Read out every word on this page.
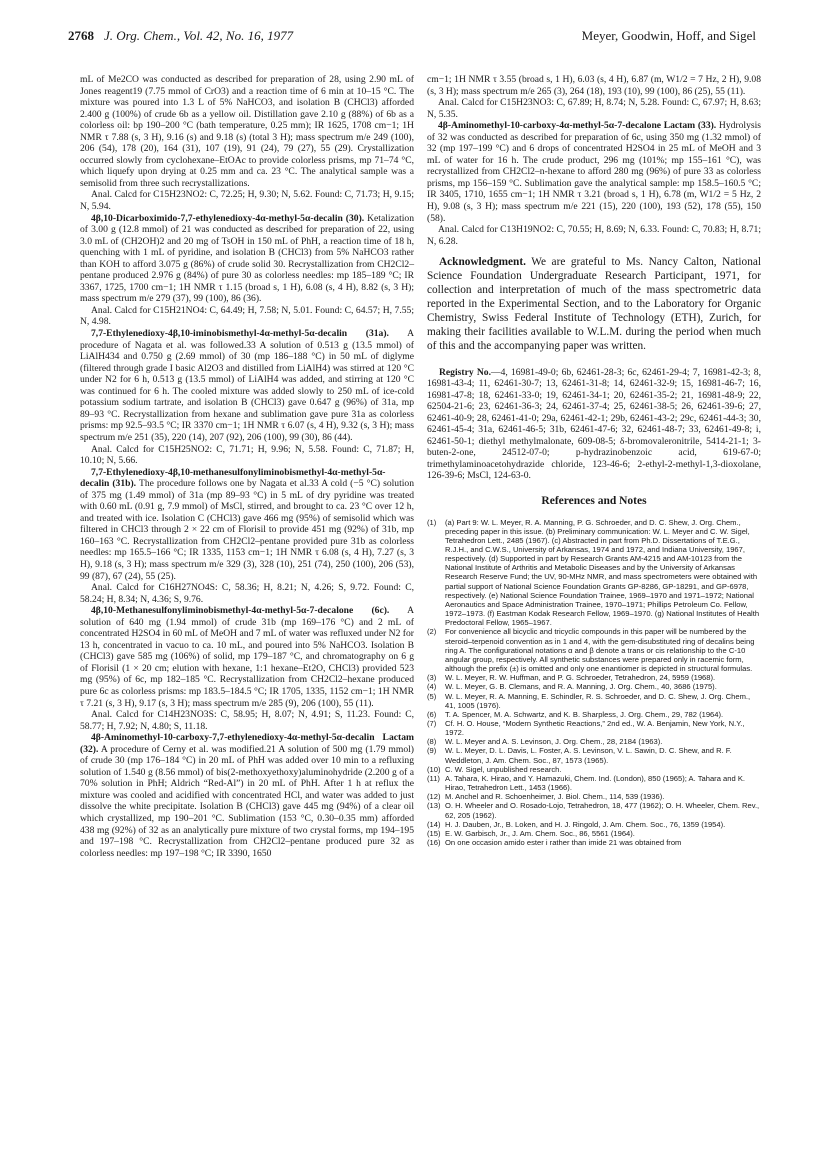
2768 J. Org. Chem., Vol. 42, No. 16, 1977	Meyer, Goodwin, Hoff, and Sigel

mL of Me2CO was conducted as described for preparation of 28, using 2.90 mL of Jones reagent19 (7.75 mmol of CrO3) and a reaction time of 6 min at 10–15 °C. The mixture was poured into 1.3 L of 5% NaHCO3, and isolation B (CHCl3) afforded 2.400 g (100%) of crude 6b as a yellow oil. Distillation gave 2.10 g (88%) of 6b as a colorless oil: bp 190–200 °C (bath temperature, 0.25 mm); IR 1625, 1708 cm−1; 1H NMR τ 7.88 (s, 3 H), 9.16 (s) and 9.18 (s) (total 3 H); mass spectrum m/e 249 (100), 206 (54), 178 (20), 164 (31), 107 (19), 91 (24), 79 (27), 55 (29). Crystallization occurred slowly from cyclohexane–EtOAc to provide colorless prisms, mp 71–74 °C, which liquefy upon drying at 0.25 mm and ca. 23 °C. The analytical sample was a semisolid from three such recrystallizations.

Anal. Calcd for C15H23NO2: C, 72.25; H, 9.30; N, 5.62. Found: C, 71.73; H, 9.15; N, 5.94.

4β,10-Dicarboximido-7,7-ethylenedioxy-4α-methyl-5α-decalin (30). Ketalization of 3.00 g (12.8 mmol) of 21 was conducted as described for preparation of 22, using 3.0 mL of (CH2OH)2 and 20 mg of TsOH in 150 mL of PhH, a reaction time of 18 h, quenching with 1 mL of pyridine, and isolation B (CHCl3) from 5% NaHCO3 rather than KOH to afford 3.075 g (86%) of crude solid 30. Recrystallization from CH2Cl2–pentane produced 2.976 g (84%) of pure 30 as colorless needles: mp 185–189 °C; IR 3367, 1725, 1700 cm−1; 1H NMR τ 1.15 (broad s, 1 H), 6.08 (s, 4 H), 8.82 (s, 3 H); mass spectrum m/e 279 (37), 99 (100), 86 (36).

Anal. Calcd for C15H21NO4: C, 64.49; H, 7.58; N, 5.01. Found: C, 64.57; H, 7.55; N, 4.98.

7,7-Ethylenedioxy-4β,10-iminobismethyl-4α-methyl-5α-decalin (31a). A procedure of Nagata et al. was followed.33 A solution of 0.513 g (13.5 mmol) of LiAlH434 and 0.750 g (2.69 mmol) of 30 (mp 186–188 °C) in 50 mL of diglyme (filtered through grade I basic Al2O3 and distilled from LiAlH4) was stirred at 120 °C under N2 for 6 h, 0.513 g (13.5 mmol) of LiAlH4 was added, and stirring at 120 °C was continued for 6 h. The cooled mixture was added slowly to 250 mL of ice-cold potassium sodium tartrate, and isolation B (CHCl3) gave 0.647 g (96%) of 31a, mp 89–93 °C. Recrystallization from hexane and sublimation gave pure 31a as colorless prisms: mp 92.5–93.5 °C; IR 3370 cm−1; 1H NMR τ 6.07 (s, 4 H), 9.32 (s, 3 H); mass spectrum m/e 251 (35), 220 (14), 207 (92), 206 (100), 99 (30), 86 (44).

Anal. Calcd for C15H25NO2: C, 71.71; H, 9.96; N, 5.58. Found: C, 71.87; H, 10.10; N, 5.66.

7,7-Ethylenedioxy-4β,10-methanesulfonyliminobismethyl-4α-methyl-5α-decalin (31b). The procedure follows one by Nagata et al.33 A cold (−5 °C) solution of 375 mg (1.49 mmol) of 31a (mp 89–93 °C) in 5 mL of dry pyridine was treated with 0.60 mL (0.91 g, 7.9 mmol) of MsCl, stirred, and brought to ca. 23 °C over 12 h, and treated with ice. Isolation C (CHCl3) gave 466 mg (95%) of semisolid which was filtered in CHCl3 through 2 × 22 cm of Florisil to provide 451 mg (92%) of 31b, mp 160–163 °C. Recrystallization from CH2Cl2–pentane provided pure 31b as colorless needles: mp 165.5–166 °C; IR 1335, 1153 cm−1; 1H NMR τ 6.08 (s, 4 H), 7.27 (s, 3 H), 9.18 (s, 3 H); mass spectrum m/e 329 (3), 328 (10), 251 (74), 250 (100), 206 (53), 99 (87), 67 (24), 55 (25).

Anal. Calcd for C16H27NO4S: C, 58.36; H, 8.21; N, 4.26; S, 9.72. Found: C, 58.24; H, 8.34; N, 4.36; S, 9.76.

4β,10-Methanesulfonyliminobismethyl-4α-methyl-5α-7-decalone (6c). A solution of 640 mg (1.94 mmol) of crude 31b (mp 169–176 °C) and 2 mL of concentrated H2SO4 in 60 mL of MeOH and 7 mL of water was refluxed under N2 for 13 h, concentrated in vacuo to ca. 10 mL, and poured into 5% NaHCO3. Isolation B (CHCl3) gave 585 mg (106%) of solid, mp 179–187 °C, and chromatography on 6 g of Florisil (1 × 20 cm; elution with hexane, 1:1 hexane–Et2O, CHCl3) provided 523 mg (95%) of 6c, mp 182–185 °C. Recrystallization from CH2Cl2–hexane produced pure 6c as colorless prisms: mp 183.5–184.5 °C; IR 1705, 1335, 1152 cm−1; 1H NMR τ 7.21 (s, 3 H), 9.17 (s, 3 H); mass spectrum m/e 285 (9), 206 (100), 55 (11).

Anal. Calcd for C14H23NO3S: C, 58.95; H, 8.07; N, 4.91; S, 11.23. Found: C, 58.77; H, 7.92; N, 4.80; S, 11.18.

4β-Aminomethyl-10-carboxy-7,7-ethylenedioxy-4α-methyl-5α-decalin Lactam (32). A procedure of Cerny et al. was modified.21 A solution of 500 mg (1.79 mmol) of crude 30 (mp 176–184 °C) in 20 mL of PhH was added over 10 min to a refluxing solution of 1.540 g (8.56 mmol) of bis(2-methoxyethoxy)aluminohydride (2.200 g of a 70% solution in PhH; Aldrich “Red-Al”) in 20 mL of PhH. After 1 h at reflux the mixture was cooled and acidified with concentrated HCl, and water was added to just dissolve the white precipitate. Isolation B (CHCl3) gave 445 mg (94%) of a clear oil which crystallized, mp 190–201 °C. Sublimation (153 °C, 0.30–0.35 mm) afforded 438 mg (92%) of 32 as an analytically pure mixture of two crystal forms, mp 194–195 and 197–198 °C. Recrystallization from CH2Cl2–pentane produced pure 32 as colorless needles: mp 197–198 °C; IR 3390, 1650

cm−1; 1H NMR τ 3.55 (broad s, 1 H), 6.03 (s, 4 H), 6.87 (m, W1/2 = 7 Hz, 2 H), 9.08 (s, 3 H); mass spectrum m/e 265 (3), 264 (18), 193 (10), 99 (100), 86 (25), 55 (11).

Anal. Calcd for C15H23NO3: C, 67.89; H, 8.74; N, 5.28. Found: C, 67.97; H, 8.63; N, 5.35.

4β-Aminomethyl-10-carboxy-4α-methyl-5α-7-decalone Lactam (33). Hydrolysis of 32 was conducted as described for preparation of 6c, using 350 mg (1.32 mmol) of 32 (mp 197–199 °C) and 6 drops of concentrated H2SO4 in 25 mL of MeOH and 3 mL of water for 16 h. The crude product, 296 mg (101%; mp 155–161 °C), was recrystallized from CH2Cl2–n-hexane to afford 280 mg (96%) of pure 33 as colorless prisms, mp 156–159 °C. Sublimation gave the analytical sample: mp 158.5–160.5 °C; IR 3405, 1710, 1655 cm−1; 1H NMR τ 3.21 (broad s, 1 H), 6.78 (m, W1/2 = 5 Hz, 2 H), 9.08 (s, 3 H); mass spectrum m/e 221 (15), 220 (100), 193 (52), 178 (55), 150 (58).

Anal. Calcd for C13H19NO2: C, 70.55; H, 8.69; N, 6.33. Found: C, 70.83; H, 8.71; N, 6.28.

Acknowledgment. We are grateful to Ms. Nancy Calton, National Science Foundation Undergraduate Research Participant, 1971, for collection and interpretation of much of the mass spectrometric data reported in the Experimental Section, and to the Laboratory for Organic Chemistry, Swiss Federal Institute of Technology (ETH), Zurich, for making their facilities available to W.L.M. during the period when much of this and the accompanying paper was written.

Registry No.—4, 16981-49-0; 6b, 62461-28-3; 6c, 62461-29-4; 7, 16981-42-3; 8, 16981-43-4; 11, 62461-30-7; 13, 62461-31-8; 14, 62461-32-9; 15, 16981-46-7; 16, 16981-47-8; 18, 62461-33-0; 19, 62461-34-1; 20, 62461-35-2; 21, 16981-48-9; 22, 62504-21-6; 23, 62461-36-3; 24, 62461-37-4; 25, 62461-38-5; 26, 62461-39-6; 27, 62461-40-9; 28, 62461-41-0; 29a, 62461-42-1; 29b, 62461-43-2; 29c, 62461-44-3; 30, 62461-45-4; 31a, 62461-46-5; 31b, 62461-47-6; 32, 62461-48-7; 33, 62461-49-8; i, 62461-50-1; diethyl methylmalonate, 609-08-5; δ-bromovaleronitrile, 5414-21-1; 3-buten-2-one, 24512-07-0; p-hydrazinobenzoic acid, 619-67-0; trimethylaminoacetohydrazide chloride, 123-46-6; 2-ethyl-2-methyl-1,3-dioxolane, 126-39-6; MsCl, 124-63-0.

References and Notes
(1)	(a) Part 9: W. L. Meyer, R. A. Manning, P. G. Schroeder, and D. C. Shew, J. Org. Chem., preceding paper in this issue. (b) Preliminary communication: W. L. Meyer and C. W. Sigel, Tetrahedron Lett., 2485 (1967). (c) Abstracted in part from Ph.D. Dissertations of T.E.G., R.J.H., and C.W.S., University of Arkansas, 1974 and 1972, and Indiana University, 1967, respectively. (d) Supported in part by Research Grants AM-4215 and AM-10123 from the National Institute of Arthritis and Metabolic Diseases and by the University of Arkansas Research Reserve Fund; the UV, 90-MHz NMR, and mass spectrometers were obtained with partial support of National Science Foundation Grants GP-8286, GP-18291, and GP-6978, respectively. (e) National Science Foundation Trainee, 1969–1970 and 1971–1972; National Aeronautics and Space Administration Trainee, 1970–1971; Phillips Petroleum Co. Fellow, 1972–1973. (f) Eastman Kodak Research Fellow, 1969–1970. (g) National Institutes of Health Predoctoral Fellow, 1965–1967.
(2)	For convenience all bicyclic and tricyclic compounds in this paper will be numbered by the steroid–terpenoid convention as in 1 and 4, with the gem-disubstituted ring of decalins being ring A. The configurational notations α and β denote a trans or cis relationship to the C-10 angular group, respectively. All synthetic substances were prepared only in racemic form, although the prefix (±) is omitted and only one enantiomer is depicted in structural formulas.
(3)	W. L. Meyer, R. W. Huffman, and P. G. Schroeder, Tetrahedron, 24, 5959 (1968).
(4)	W. L. Meyer, G. B. Clemans, and R. A. Manning, J. Org. Chem., 40, 3686 (1975).
(5)	W. L. Meyer, R. A. Manning, E. Schindler, R. S. Schroeder, and D. C. Shew, J. Org. Chem., 41, 1005 (1976).
(6)	T. A. Spencer, M. A. Schwartz, and K. B. Sharpless, J. Org. Chem., 29, 782 (1964).
(7)	Cf. H. O. House, “Modern Synthetic Reactions,” 2nd ed., W. A. Benjamin, New York, N.Y., 1972.
(8)	W. L. Meyer and A. S. Levinson, J. Org. Chem., 28, 2184 (1963).
(9)	W. L. Meyer, D. L. Davis, L. Foster, A. S. Levinson, V. L. Sawin, D. C. Shew, and R. F. Weddleton, J. Am. Chem. Soc., 87, 1573 (1965).
(10) C. W. Sigel, unpublished research.
(11) A. Tahara, K. Hirao, and Y. Hamazuki, Chem. Ind. (London), 850 (1965); A. Tahara and K. Hirao, Tetrahedron Lett., 1453 (1966).
(12) M. Anchel and R. Schoenheimer, J. Biol. Chem., 114, 539 (1936).
(13) O. H. Wheeler and O. Rosado-Lojo, Tetrahedron, 18, 477 (1962); O. H. Wheeler, Chem. Rev., 62, 205 (1962).
(14) H. J. Dauben, Jr., B. Loken, and H. J. Ringold, J. Am. Chem. Soc., 76, 1359 (1954).
(15) E. W. Garbisch, Jr., J. Am. Chem. Soc., 86, 5561 (1964).
(16) On one occasion amido ester i rather than imide 21 was obtained from
